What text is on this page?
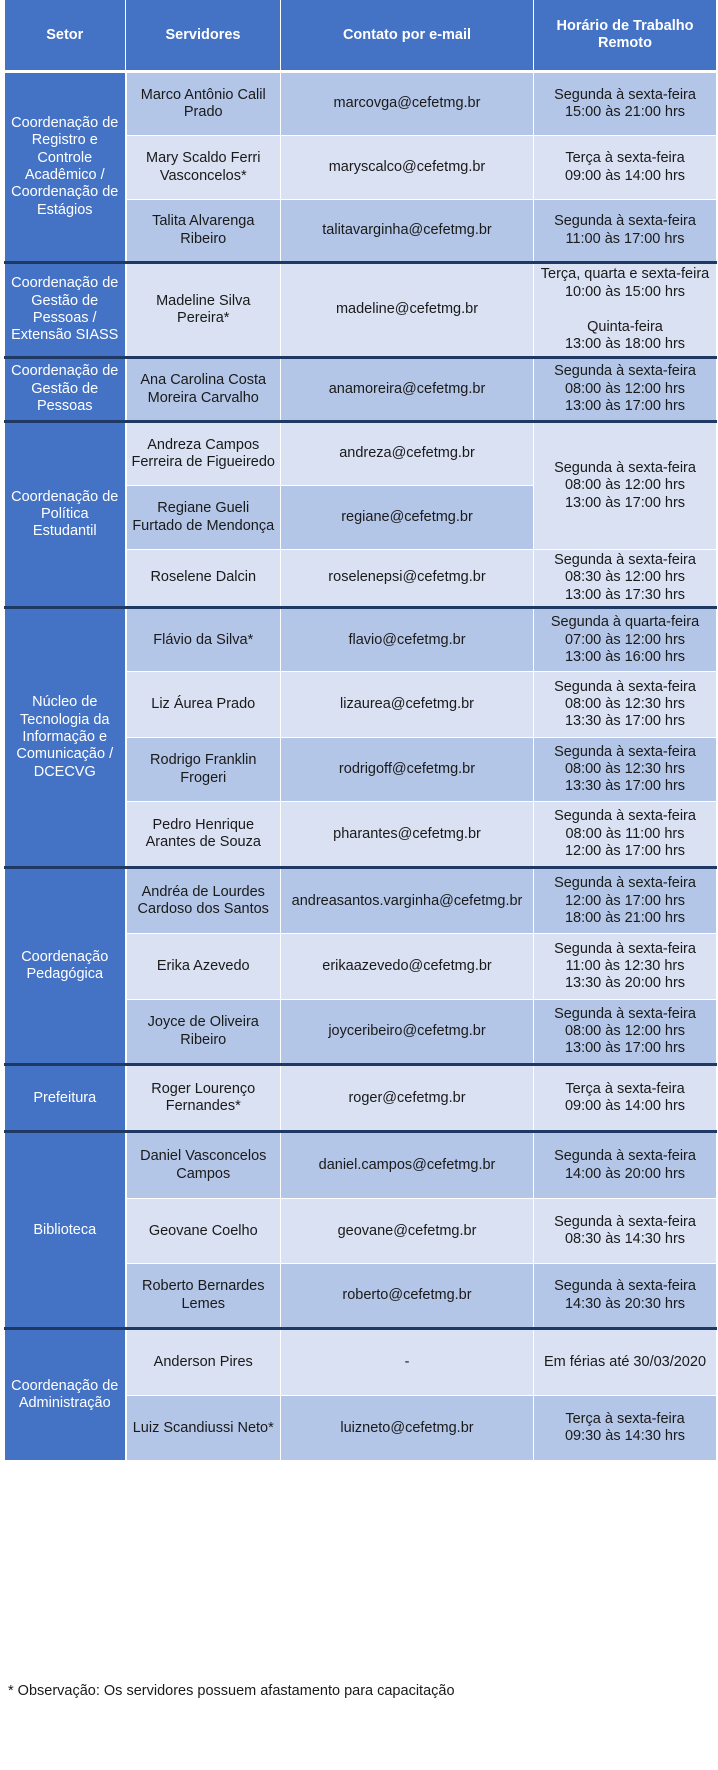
Setor	Servidores	Contato por e-mail	Horário de Trabalho Remoto
Coordenação de Registro e Controle Acadêmico / Coordenação de Estágios	Marco Antônio Calil Prado	marcovga@cefetmg.br	Segunda à sexta-feira
15:00 às 21:00 hrs
	Mary Scaldo Ferri Vasconcelos*	maryscalco@cefetmg.br	Terça à sexta-feira
09:00 às 14:00 hrs
	Talita Alvarenga Ribeiro	talitavarginha@cefetmg.br	Segunda à sexta-feira
11:00 às 17:00 hrs
Coordenação de Gestão de Pessoas / Extensão SIASS	Madeline Silva Pereira*	madeline@cefetmg.br	Terça, quarta e sexta-feira
10:00 às 15:00 hrs

Quinta-feira
13:00 às 18:00 hrs
Coordenação de Gestão de Pessoas	Ana Carolina Costa Moreira Carvalho	anamoreira@cefetmg.br	Segunda à sexta-feira
08:00 às 12:00 hrs
13:00 às 17:00 hrs
Coordenação de Política Estudantil	Andreza Campos Ferreira de Figueiredo	andreza@cefetmg.br	Segunda à sexta-feira
08:00 às 12:00 hrs
13:00 às 17:00 hrs
	Regiane Gueli Furtado de Mendonça	regiane@cefetmg.br	
	Roselene Dalcin	roselenepsi@cefetmg.br	Segunda à sexta-feira
08:30 às 12:00 hrs
13:00 às 17:30 hrs
Núcleo de Tecnologia da Informação e Comunicação / DCECVG	Flávio da Silva*	flavio@cefetmg.br	Segunda à quarta-feira
07:00 às 12:00 hrs
13:00 às 16:00 hrs
	Liz Áurea Prado	lizaurea@cefetmg.br	Segunda à sexta-feira
08:00 às 12:30 hrs
13:30 às 17:00 hrs
	Rodrigo Franklin Frogeri	rodrigoff@cefetmg.br	Segunda à sexta-feira
08:00 às 12:30 hrs
13:30 às 17:00 hrs
	Pedro Henrique Arantes de Souza	pharantes@cefetmg.br	Segunda à sexta-feira
08:00 às 11:00 hrs
12:00 às 17:00 hrs
Coordenação Pedagógica	Andréa de Lourdes Cardoso dos Santos	andreasantos.varginha@cefetmg.br	Segunda à sexta-feira
12:00 às 17:00 hrs
18:00 às 21:00 hrs
	Erika Azevedo	erikaazevedo@cefetmg.br	Segunda à sexta-feira
11:00 às 12:30 hrs
13:30 às 20:00 hrs
	Joyce de Oliveira Ribeiro	joyceribeiro@cefetmg.br	Segunda à sexta-feira
08:00 às 12:00 hrs
13:00 às 17:00 hrs
Prefeitura	Roger Lourenço Fernandes*	roger@cefetmg.br	Terça à sexta-feira
09:00 às 14:00 hrs
Biblioteca	Daniel Vasconcelos Campos	daniel.campos@cefetmg.br	Segunda à sexta-feira
14:00 às 20:00 hrs
	Geovane Coelho	geovane@cefetmg.br	Segunda à sexta-feira
08:30 às 14:30 hrs
	Roberto Bernardes Lemes	roberto@cefetmg.br	Segunda à sexta-feira
14:30 às 20:30 hrs
Coordenação de Administração	Anderson Pires	-	Em férias até 30/03/2020
	Luiz Scandiussi Neto*	luizneto@cefetmg.br	Terça à sexta-feira
09:30 às 14:30 hrs
* Observação: Os servidores possuem afastamento para capacitação
